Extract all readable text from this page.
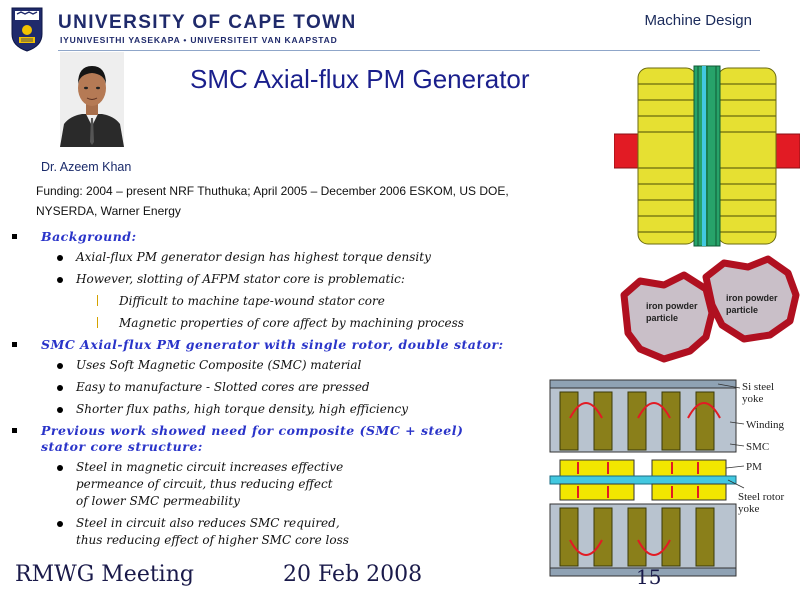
UNIVERSITY OF CAPE TOWN
IYUNIVESITHI YASEKAPA • UNIVERSITEIT VAN KAAPSTAD
Machine Design
SMC Axial-flux PM Generator
Dr. Azeem Khan
Funding: 2004 – present NRF Thuthuka; April 2005 – December 2006 ESKOM, US DOE, NYSERDA, Warner Energy
Background:
Axial-flux PM generator design has highest torque density
However, slotting of AFPM stator core is problematic:
Difficult to machine tape-wound stator core
Magnetic properties of core affect by machining process
SMC Axial-flux PM generator with single rotor, double stator:
Uses Soft Magnetic Composite (SMC) material
Easy to manufacture - Slotted cores are pressed
Shorter flux paths, high torque density, high efficiency
Previous work showed need for composite (SMC + steel)
stator core structure:
Steel in magnetic circuit increases effective
permeance of circuit, thus reducing effect
of lower SMC permeability
Steel in circuit also reduces SMC required,
thus reducing effect of higher SMC core loss
iron powder
particle
iron powder
particle
Si steel
yoke
Winding
SMC
PM
Steel rotor
yoke
RMWG Meeting	20 Feb 2008	15
